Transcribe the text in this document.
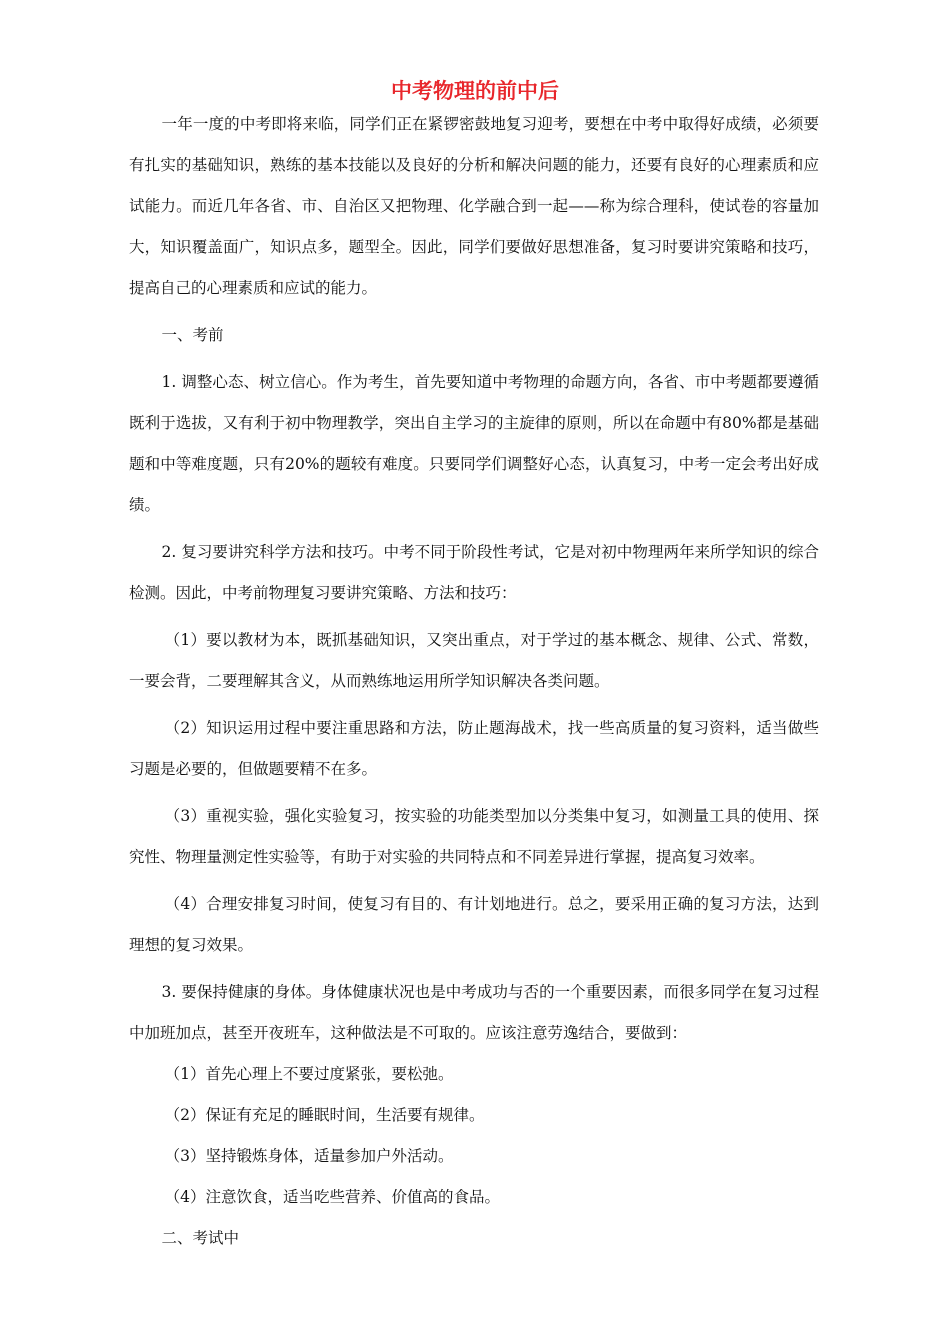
中考物理的前中后

一年一度的中考即将来临，同学们正在紧锣密鼓地复习迎考，要想在中考中取得好成绩，必须要有扎实的基础知识，熟练的基本技能以及良好的分析和解决问题的能力，还要有良好的心理素质和应试能力。而近几年各省、市、自治区又把物理、化学融合到一起——称为综合理科，使试卷的容量加大，知识覆盖面广，知识点多，题型全。因此，同学们要做好思想准备，复习时要讲究策略和技巧，提高自己的心理素质和应试的能力。

一、考前

1. 调整心态、树立信心。作为考生，首先要知道中考物理的命题方向，各省、市中考题都要遵循既利于选拔，又有利于初中物理教学，突出自主学习的主旋律的原则，所以在命题中有80%都是基础题和中等难度题，只有20%的题较有难度。只要同学们调整好心态，认真复习，中考一定会考出好成绩。

2. 复习要讲究科学方法和技巧。中考不同于阶段性考试，它是对初中物理两年来所学知识的综合检测。因此，中考前物理复习要讲究策略、方法和技巧：

（1）要以教材为本，既抓基础知识，又突出重点，对于学过的基本概念、规律、公式、常数，一要会背，二要理解其含义，从而熟练地运用所学知识解决各类问题。

（2）知识运用过程中要注重思路和方法，防止题海战术，找一些高质量的复习资料，适当做些习题是必要的，但做题要精不在多。

（3）重视实验，强化实验复习，按实验的功能类型加以分类集中复习，如测量工具的使用、探究性、物理量测定性实验等，有助于对实验的共同特点和不同差异进行掌握，提高复习效率。

（4）合理安排复习时间，使复习有目的、有计划地进行。总之，要采用正确的复习方法，达到理想的复习效果。

3. 要保持健康的身体。身体健康状况也是中考成功与否的一个重要因素，而很多同学在复习过程中加班加点，甚至开夜班车，这种做法是不可取的。应该注意劳逸结合，要做到：

（1）首先心理上不要过度紧张，要松弛。

（2）保证有充足的睡眠时间，生活要有规律。

（3）坚持锻炼身体，适量参加户外活动。

（4）注意饮食，适当吃些营养、价值高的食品。

二、考试中
